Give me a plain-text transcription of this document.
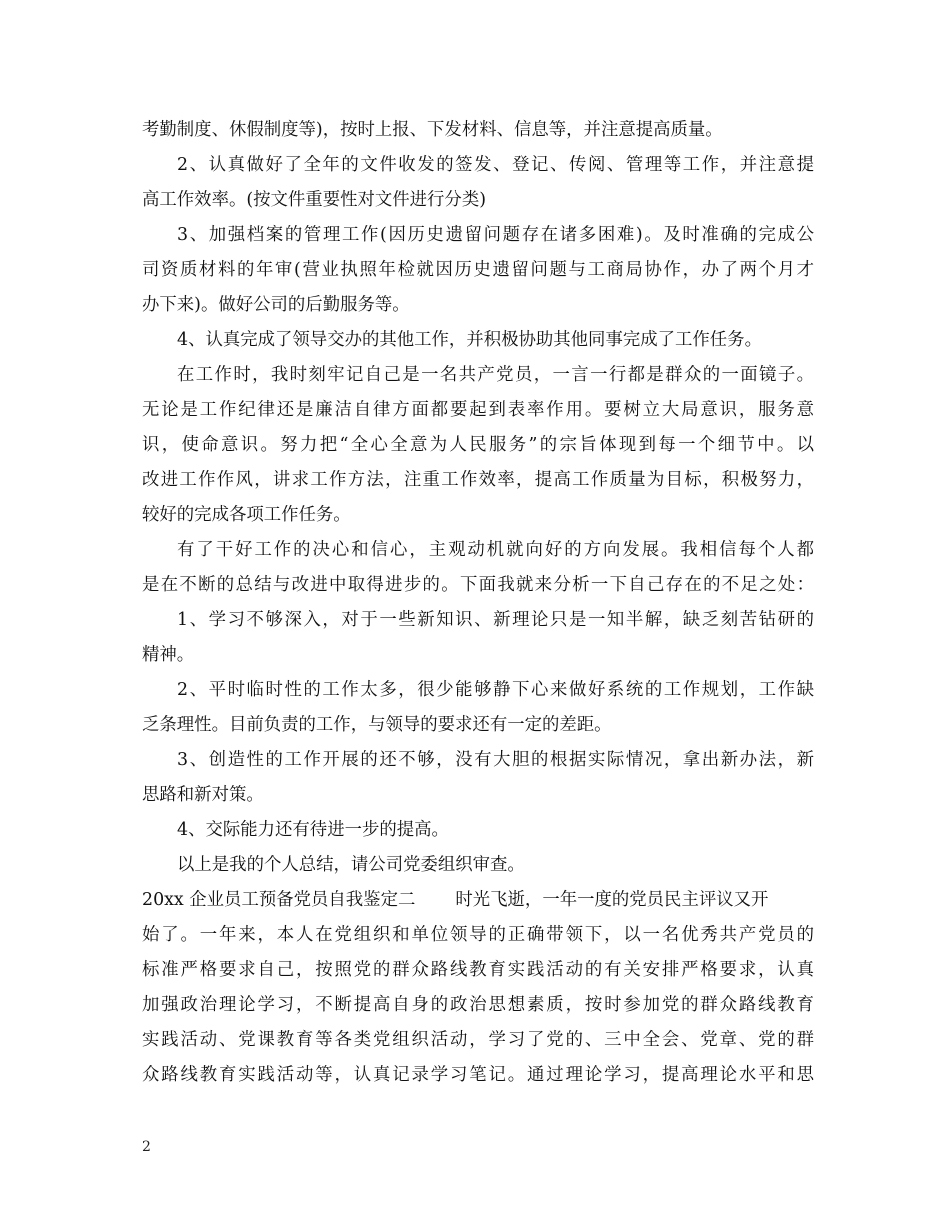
考勤制度、休假制度等)，按时上报、下发材料、信息等，并注意提高质量。
2、认真做好了全年的文件收发的签发、登记、传阅、管理等工作，并注意提
高工作效率。(按文件重要性对文件进行分类)
3、加强档案的管理工作(因历史遗留问题存在诸多困难)。及时准确的完成公
司资质材料的年审(营业执照年检就因历史遗留问题与工商局协作，办了两个月才
办下来)。做好公司的后勤服务等。
4、认真完成了领导交办的其他工作，并积极协助其他同事完成了工作任务。
在工作时，我时刻牢记自己是一名共产党员，一言一行都是群众的一面镜子。
无论是工作纪律还是廉洁自律方面都要起到表率作用。要树立大局意识，服务意
识，使命意识。努力把“全心全意为人民服务”的宗旨体现到每一个细节中。以
改进工作作风，讲求工作方法，注重工作效率，提高工作质量为目标，积极努力，
较好的完成各项工作任务。
有了干好工作的决心和信心，主观动机就向好的方向发展。我相信每个人都
是在不断的总结与改进中取得进步的。下面我就来分析一下自己存在的不足之处：
1、学习不够深入，对于一些新知识、新理论只是一知半解，缺乏刻苦钻研的
精神。
2、平时临时性的工作太多，很少能够静下心来做好系统的工作规划，工作缺
乏条理性。目前负责的工作，与领导的要求还有一定的差距。
3、创造性的工作开展的还不够，没有大胆的根据实际情况，拿出新办法，新
思路和新对策。
4、交际能力还有待进一步的提高。
以上是我的个人总结，请公司党委组织审查。
20xx 企业员工预备党员自我鉴定二 时光飞逝，一年一度的党员民主评议又开
始了。一年来，本人在党组织和单位领导的正确带领下，以一名优秀共产党员的
标准严格要求自己，按照党的群众路线教育实践活动的有关安排严格要求，认真
加强政治理论学习，不断提高自身的政治思想素质，按时参加党的群众路线教育
实践活动、党课教育等各类党组织活动，学习了党的、三中全会、党章、党的群
众路线教育实践活动等，认真记录学习笔记。通过理论学习，提高理论水平和思
2
